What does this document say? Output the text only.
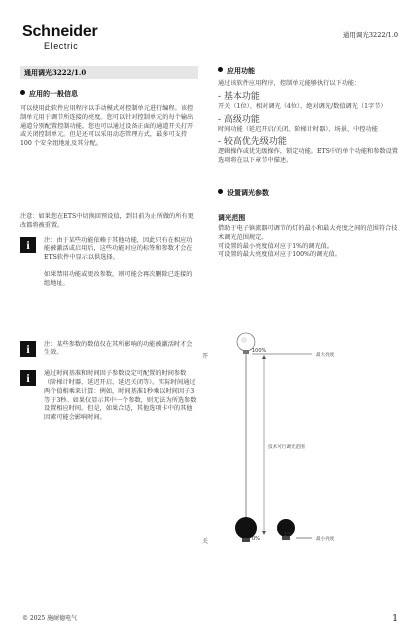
Schneider
Electric
通用调光3222/1.0
通用调光3222/1.0
应用的一般信息

可以使用此软件应用程序以手动模式对控制单元进行编程。该控制单元用于调节所连接的亮度。您可以针对控制单元的每个输出通道分别配置控制功能。您也可以通过设备正面的通道开关打开或关闭控制单元。但是还可以采用动态管理方式，最多可支持 100 个安全组地址及其分配。

注意：如果您在ETS中切换回预设值，到目前为止所做的所有更改都将被重置。

i	注：由于某些功能依赖于其他功能，因此只有在相应功能被激活或启用后，这些功能对应的标签和参数才会在ETS软件中显示以供选择。
如果禁用功能或更改参数，则可能会再次删除已连接的组地址。
i	注：某些参数的数值仅在其所影响的功能被激活时才会生效。
i	通过时间基准和时间因子参数设定可配置的时间参数（阶梯计时器、延迟开启、延迟关闭等）。实际时间通过两个值相乘来计算：例如，时间基准1秒乘以时间因子3等于3秒。如果仅显示其中一个参数，则无法为所选参数设置相应时间。但是，如果合适，其他选项卡中的其他因素可能会影响时间。
应用功能

通过该软件应用程序，控制单元能够执行以下功能：

- 基本功能
开关（1位）、相对调光（4位）、绝对调光/数值调光（1字节）
- 高级功能
时间功能（延迟开启/关闭、阶梯计时器）、场景、中控功能
- 较高优先级功能
逻辑操作或优先级操作，锁定功能。ETS中的单个功能和参数设置选项将在以下章节中描述。
设置调光参数
调光范围

借助于电子镇流器可调节的灯的最小和最大亮度之间的范围符合技术调光范围规定。

可设置的最小亮度值对应于1%的调光值。

可设置的最大亮度值对应于100%的调光值。

开
关
100%
0%
1%
最大亮度
最小亮度
技术可行调光范围
© 2025 施耐德电气	1
